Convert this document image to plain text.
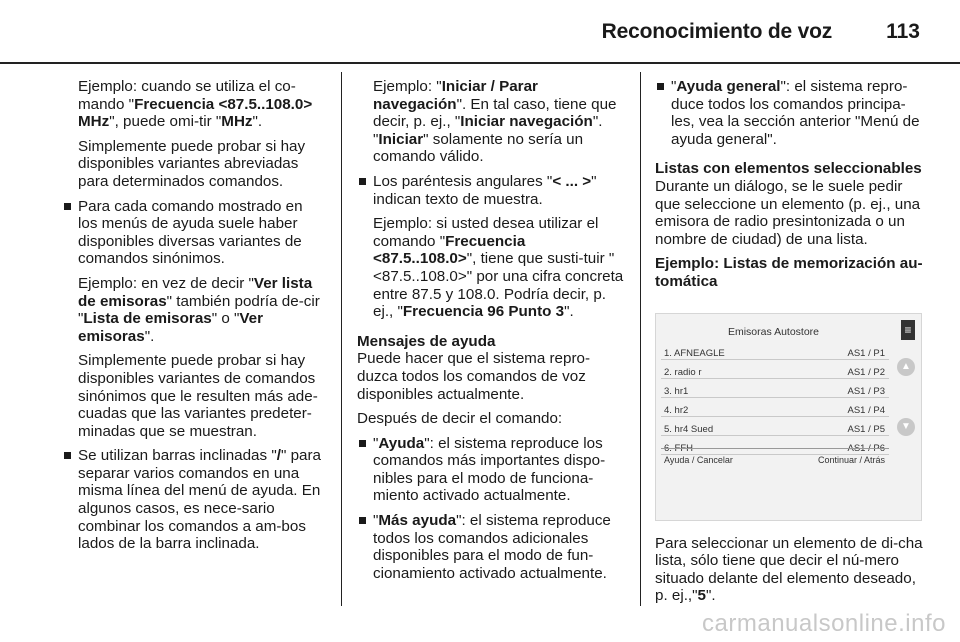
Reconocimiento de voz	113

Ejemplo: cuando se utiliza el co-mando "Frecuencia <87.5..108.0> MHz", puede omi-tir "MHz".

Simplemente puede probar si hay disponibles variantes abreviadas para determinados comandos.

Para cada comando mostrado en los menús de ayuda suele haber disponibles diversas variantes de comandos sinónimos.

Ejemplo: en vez de decir "Ver lista de emisoras" también podría de-cir "Lista de emisoras" o "Ver emisoras".

Simplemente puede probar si hay disponibles variantes de comandos sinónimos que le resulten más ade-cuadas que las variantes predeter-minadas que se muestran.

Se utilizan barras inclinadas "/" para separar varios comandos en una misma línea del menú de ayuda. En algunos casos, es nece-sario combinar los comandos a am-bos lados de la barra inclinada.

Ejemplo: "Iniciar / Parar navegación". En tal caso, tiene que decir, p. ej., "Iniciar navegación". "Iniciar" solamente no sería un comando válido.

Los paréntesis angulares "< ... >" indican texto de muestra.

Ejemplo: si usted desea utilizar el comando "Frecuencia <87.5..108.0>", tiene que susti-tuir "<87.5..108.0>" por una cifra concreta entre 87.5 y 108.0. Podría decir, p. ej., "Frecuencia 96 Punto 3".

Mensajes de ayuda

Puede hacer que el sistema repro-duzca todos los comandos de voz disponibles actualmente.

Después de decir el comando:

"Ayuda": el sistema reproduce los comandos más importantes dispo-nibles para el modo de funciona-miento activado actualmente.
"Más ayuda": el sistema reproduce todos los comandos adicionales disponibles para el modo de fun-cionamiento activado actualmente.
"Ayuda general": el sistema repro-duce todos los comandos principa-les, vea la sección anterior "Menú de ayuda general".

Listas con elementos seleccionables

Durante un diálogo, se le suele pedir que seleccione un elemento (p. ej., una emisora de radio presintonizada o un nombre de ciudad) de una lista.

Ejemplo: Listas de memorización au-tomática

Emisoras Autostore	≡
▲
▼
1. AFNEAGLE	AS1 / P1
2. radio r	AS1 / P2
3. hr1	AS1 / P3
4. hr2	AS1 / P4
5. hr4 Sued	AS1 / P5
6. FFH	AS1 / P6
Ayuda / Cancelar	Continuar / Atrás

Para seleccionar un elemento de di-cha lista, sólo tiene que decir el nú-mero situado delante del elemento deseado, p. ej.,"5".

carmanualsonline.info
